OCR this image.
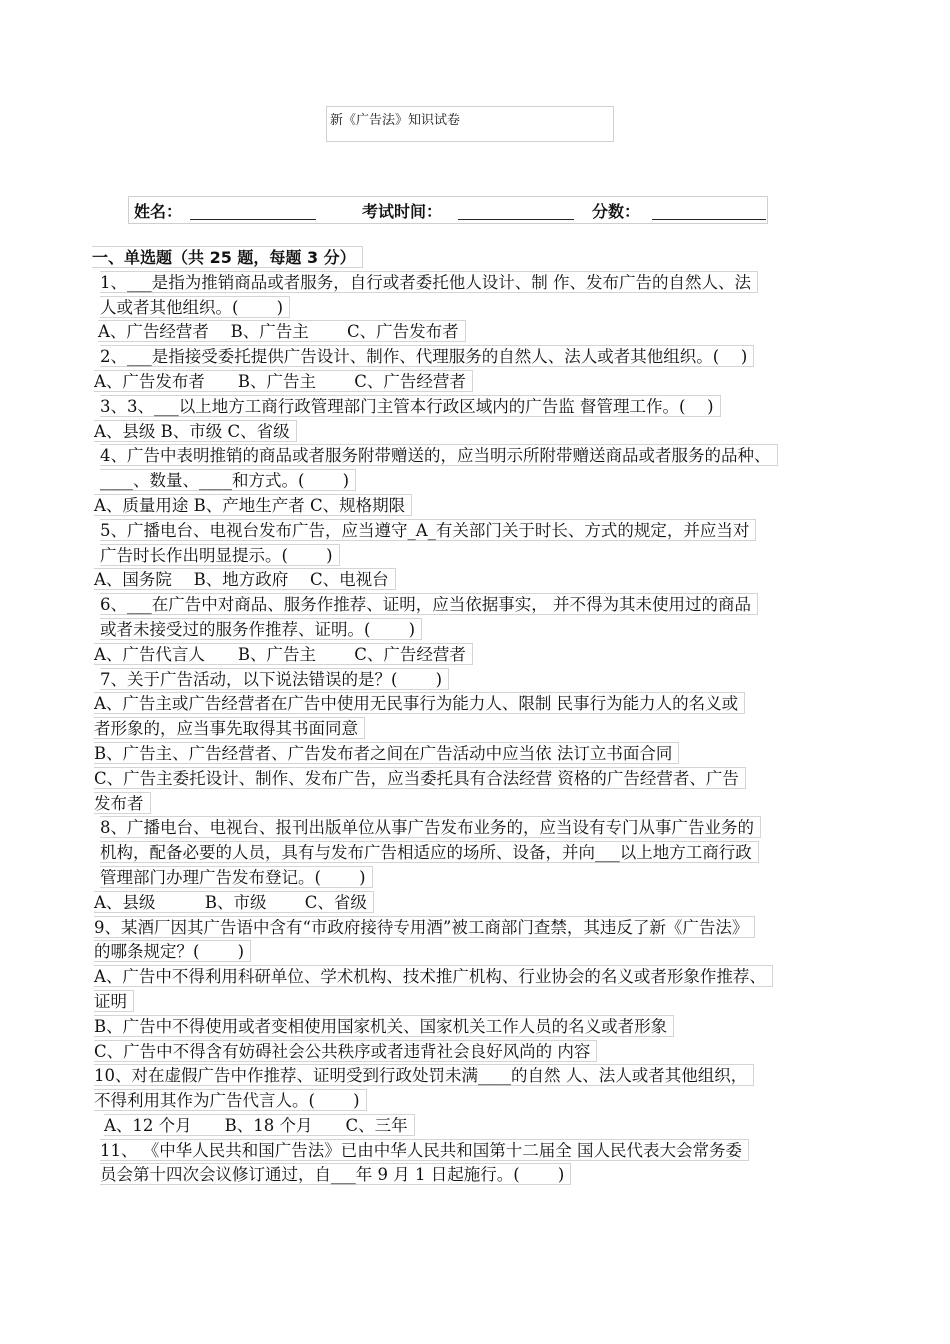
新《广告法》知识试卷
姓名：	考试时间：	分数：
一、单选题（共 25 题，每题 3 分）
1、___是指为推销商品或者服务，自行或者委托他人设计、制 作、发布广告的自然人、法
人或者其他组织。(　　 )
A、广告经营者　 B、广告主　　 C、广告发布者
2、___是指接受委托提供广告设计、制作、代理服务的自然人、法人或者其他组织。(　 )
A、广告发布者　　B、广告主　　 C、广告经营者
3、3、___以上地方工商行政管理部门主管本行政区域内的广告监 督管理工作。(　 )
A、县级 B、市级 C、省级
4、广告中表明推销的商品或者服务附带赠送的，应当明示所附带赠送商品或者服务的品种、
____、数量、____和方式。(　　 )
A、质量用途 B、产地生产者 C、规格期限
5、广播电台、电视台发布广告，应当遵守_A_有关部门关于时长、方式的规定，并应当对
广告时长作出明显提示。(　　 )
A、国务院　 B、地方政府　 C、电视台
6、___在广告中对商品、服务作推荐、证明，应当依据事实， 并不得为其未使用过的商品
或者未接受过的服务作推荐、证明。(　　 )
A、广告代言人　　B、广告主　　 C、广告经营者
7、关于广告活动，以下说法错误的是？(　　 )
A、广告主或广告经营者在广告中使用无民事行为能力人、限制 民事行为能力人的名义或
者形象的，应当事先取得其书面同意
B、广告主、广告经营者、广告发布者之间在广告活动中应当依 法订立书面合同
C、广告主委托设计、制作、发布广告，应当委托具有合法经营 资格的广告经营者、广告
发布者
8、广播电台、电视台、报刊出版单位从事广告发布业务的，应当设有专门从事广告业务的
机构，配备必要的人员，具有与发布广告相适应的场所、设备，并向___以上地方工商行政
管理部门办理广告发布登记。(　　 )
A、县级　　　B、市级　　 C、省级
9、某酒厂因其广告语中含有“市政府接待专用酒”被工商部门查禁，其违反了新《广告法》
的哪条规定？(　　 )
A、广告中不得利用科研单位、学术机构、技术推广机构、行业协会的名义或者形象作推荐、
证明
B、广告中不得使用或者变相使用国家机关、国家机关工作人员的名义或者形象
C、广告中不得含有妨碍社会公共秩序或者违背社会良好风尚的 内容
10、对在虚假广告中作推荐、证明受到行政处罚未满____的自然 人、法人或者其他组织，
不得利用其作为广告代言人。(　　 )
A、12 个月　　B、18 个月　　C、三年
11、 《中华人民共和国广告法》已由中华人民共和国第十二届全 国人民代表大会常务委
员会第十四次会议修订通过，自___年 9 月 1 日起施行。(　　 )
